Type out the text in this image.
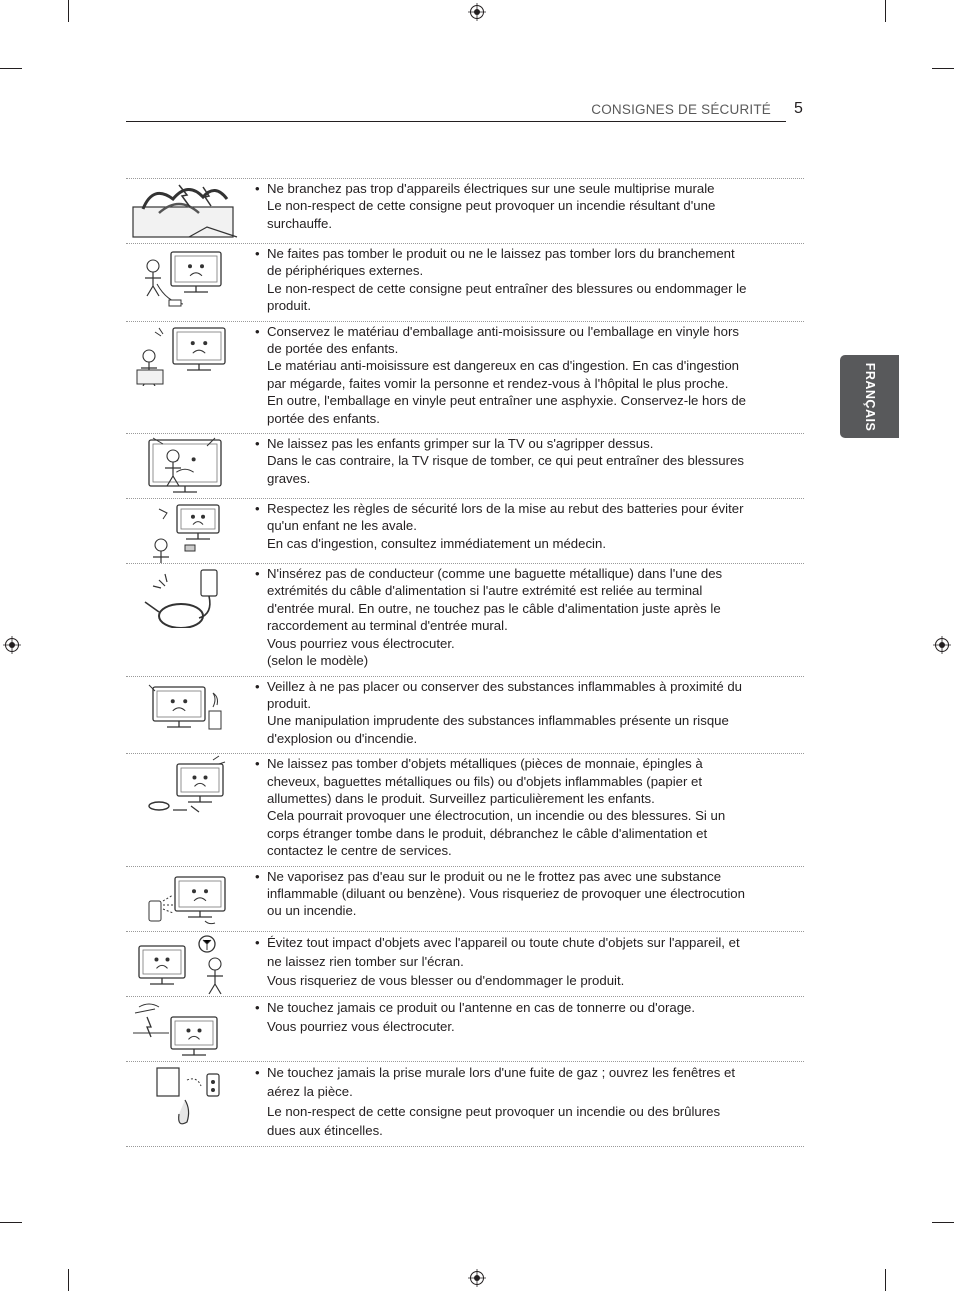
CONSIGNES DE SÉCURITÉ 5
FRANÇAIS
• Ne branchez pas trop d'appareils électriques sur une seule multiprise murale
Le non-respect de cette consigne peut provoquer un incendie résultant d'une
surchauffe.
• Ne faites pas tomber le produit ou ne le laissez pas tomber lors du branchement
de périphériques externes.
Le non-respect de cette consigne peut entraîner des blessures ou endommager le
produit.
• Conservez le matériau d'emballage anti-moisissure ou l'emballage en vinyle hors
de portée des enfants.
Le matériau anti-moisissure est dangereux en cas d'ingestion. En cas d'ingestion
par mégarde, faites vomir la personne et rendez-vous à l'hôpital le plus proche.
En outre, l'emballage en vinyle peut entraîner une asphyxie. Conservez-le hors de
portée des enfants.
• Ne laissez pas les enfants grimper sur la TV ou s'agripper dessus.
Dans le cas contraire, la TV risque de tomber, ce qui peut entraîner des blessures
graves.
• Respectez les règles de sécurité lors de la mise au rebut des batteries pour éviter
qu'un enfant ne les avale.
En cas d'ingestion, consultez immédiatement un médecin.
• N'insérez pas de conducteur (comme une baguette métallique) dans l'une des
extrémités du câble d'alimentation si l'autre extrémité est reliée au terminal
d'entrée mural. En outre, ne touchez pas le câble d'alimentation juste après le
raccordement au terminal d'entrée mural.
Vous pourriez vous électrocuter.
(selon le modèle)
• Veillez à ne pas placer ou conserver des substances inflammables à proximité du
produit.
Une manipulation imprudente des substances inflammables présente un risque
d'explosion ou d'incendie.
• Ne laissez pas tomber d'objets métalliques (pièces de monnaie, épingles à
cheveux, baguettes métalliques ou fils) ou d'objets inflammables (papier et
allumettes) dans le produit. Surveillez particulièrement les enfants.
Cela pourrait provoquer une électrocution, un incendie ou des blessures. Si un
corps étranger tombe dans le produit, débranchez le câble d'alimentation et
contactez le centre de services.
• Ne vaporisez pas d'eau sur le produit ou ne le frottez pas avec une substance
inflammable (diluant ou benzène). Vous risqueriez de provoquer une électrocution
ou un incendie.
• Évitez tout impact d'objets avec l'appareil ou toute chute d'objets sur l'appareil, et
ne laissez rien tomber sur l'écran.
Vous risqueriez de vous blesser ou d'endommager le produit.
• Ne touchez jamais ce produit ou l'antenne en cas de tonnerre ou d'orage.
Vous pourriez vous électrocuter.
• Ne touchez jamais la prise murale lors d'une fuite de gaz ; ouvrez les fenêtres et
aérez la pièce.
Le non-respect de cette consigne peut provoquer un incendie ou des brûlures
dues aux étincelles.
